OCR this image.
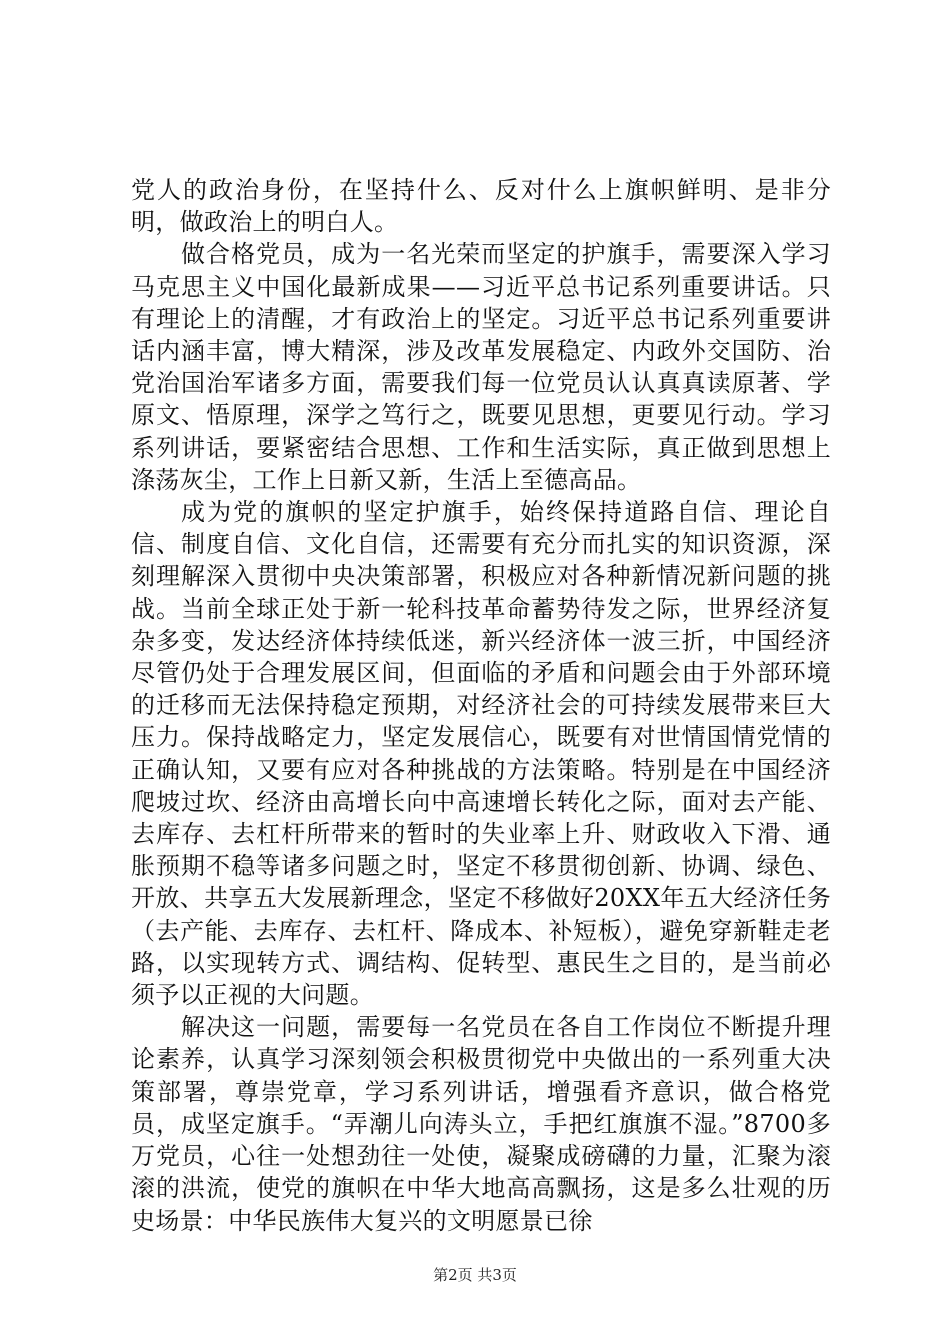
党人的政治身份，在坚持什么、反对什么上旗帜鲜明、是非分明，做政治上的明白人。

做合格党员，成为一名光荣而坚定的护旗手，需要深入学习马克思主义中国化最新成果——习近平总书记系列重要讲话。只有理论上的清醒，才有政治上的坚定。习近平总书记系列重要讲话内涵丰富，博大精深，涉及改革发展稳定、内政外交国防、治党治国治军诸多方面，需要我们每一位党员认认真真读原著、学原文、悟原理，深学之笃行之，既要见思想，更要见行动。学习系列讲话，要紧密结合思想、工作和生活实际，真正做到思想上涤荡灰尘，工作上日新又新，生活上至德高品。

成为党的旗帜的坚定护旗手，始终保持道路自信、理论自信、制度自信、文化自信，还需要有充分而扎实的知识资源，深刻理解深入贯彻中央决策部署，积极应对各种新情况新问题的挑战。当前全球正处于新一轮科技革命蓄势待发之际，世界经济复杂多变，发达经济体持续低迷，新兴经济体一波三折，中国经济尽管仍处于合理发展区间，但面临的矛盾和问题会由于外部环境的迁移而无法保持稳定预期，对经济社会的可持续发展带来巨大压力。保持战略定力，坚定发展信心，既要有对世情国情党情的正确认知，又要有应对各种挑战的方法策略。特别是在中国经济爬坡过坎、经济由高增长向中高速增长转化之际，面对去产能、去库存、去杠杆所带来的暂时的失业率上升、财政收入下滑、通胀预期不稳等诸多问题之时，坚定不移贯彻创新、协调、绿色、开放、共享五大发展新理念，坚定不移做好20XX年五大经济任务（去产能、去库存、去杠杆、降成本、补短板），避免穿新鞋走老路，以实现转方式、调结构、促转型、惠民生之目的，是当前必须予以正视的大问题。

解决这一问题，需要每一名党员在各自工作岗位不断提升理论素养，认真学习深刻领会积极贯彻党中央做出的一系列重大决策部署，尊崇党章，学习系列讲话，增强看齐意识，做合格党员，成坚定旗手。“弄潮儿向涛头立，手把红旗旗不湿。”8700多万党员，心往一处想劲往一处使，凝聚成磅礴的力量，汇聚为滚滚的洪流，使党的旗帜在中华大地高高飘扬，这是多么壮观的历史场景：中华民族伟大复兴的文明愿景已徐

第2页 共3页
